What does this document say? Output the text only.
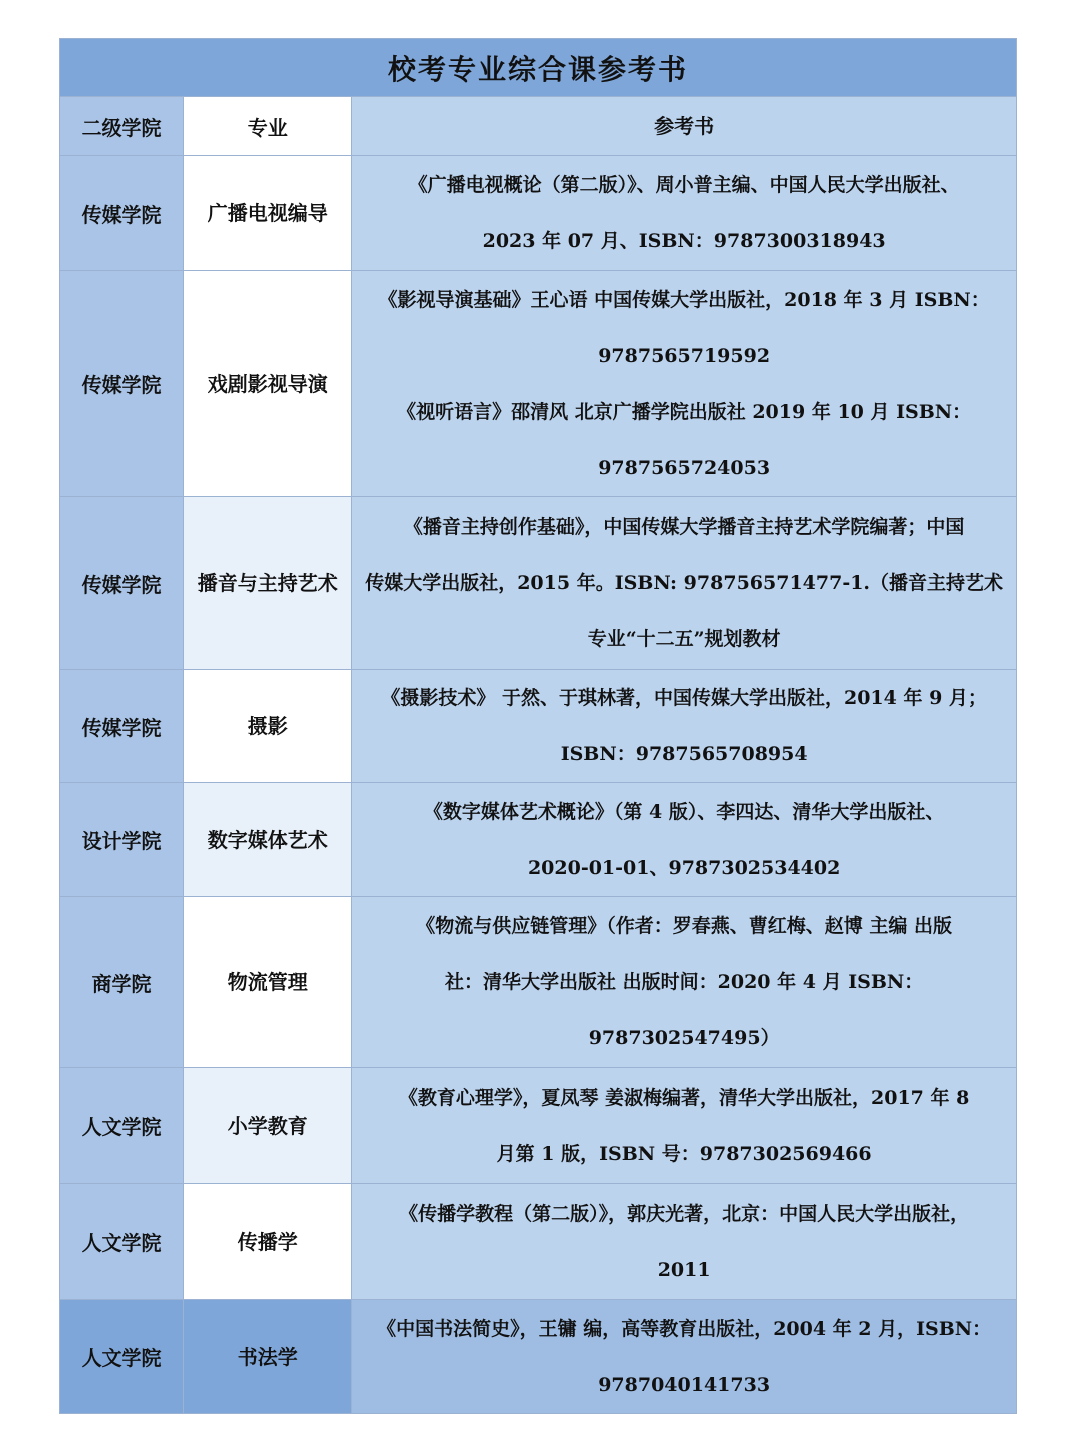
校考专业综合课参考书		
二级学院	专业	参考书
传媒学院	广播电视编导	《广播电视概论（第二版）》、周小普主编、中国人民大学出版社、
2023 年 07 月、ISBN：9787300318943

传媒学院	戏剧影视导演	《影视导演基础》王心语 中国传媒大学出版社，2018 年 3 月 ISBN：
9787565719592
《视听语言》邵清风 北京广播学院出版社 2019 年 10 月 ISBN：
9787565724053

传媒学院	播音与主持艺术	《播音主持创作基础》，中国传媒大学播音主持艺术学院编著；中国
传媒大学出版社，2015 年。ISBN: 978756571477-1.（播音主持艺术
专业“十二五”规划教材

传媒学院	摄影	《摄影技术》 于然、于琪林著，中国传媒大学出版社，2014 年 9 月；
ISBN：9787565708954

设计学院	数字媒体艺术	《数字媒体艺术概论》（第 4 版）、李四达、清华大学出版社、
2020-01-01、9787302534402

商学院	物流管理	《物流与供应链管理》（作者：罗春燕、曹红梅、赵博 主编 出版
社：清华大学出版社 出版时间：2020 年 4 月 ISBN：
9787302547495）

人文学院	小学教育	《教育心理学》，夏凤琴 姜淑梅编著，清华大学出版社，2017 年 8
月第 1 版，ISBN 号：9787302569466

人文学院	传播学	《传播学教程（第二版）》，郭庆光著，北京：中国人民大学出版社，
2011

人文学院	书法学	《中国书法简史》，王镛 编，高等教育出版社，2004 年 2 月，ISBN：
9787040141733
